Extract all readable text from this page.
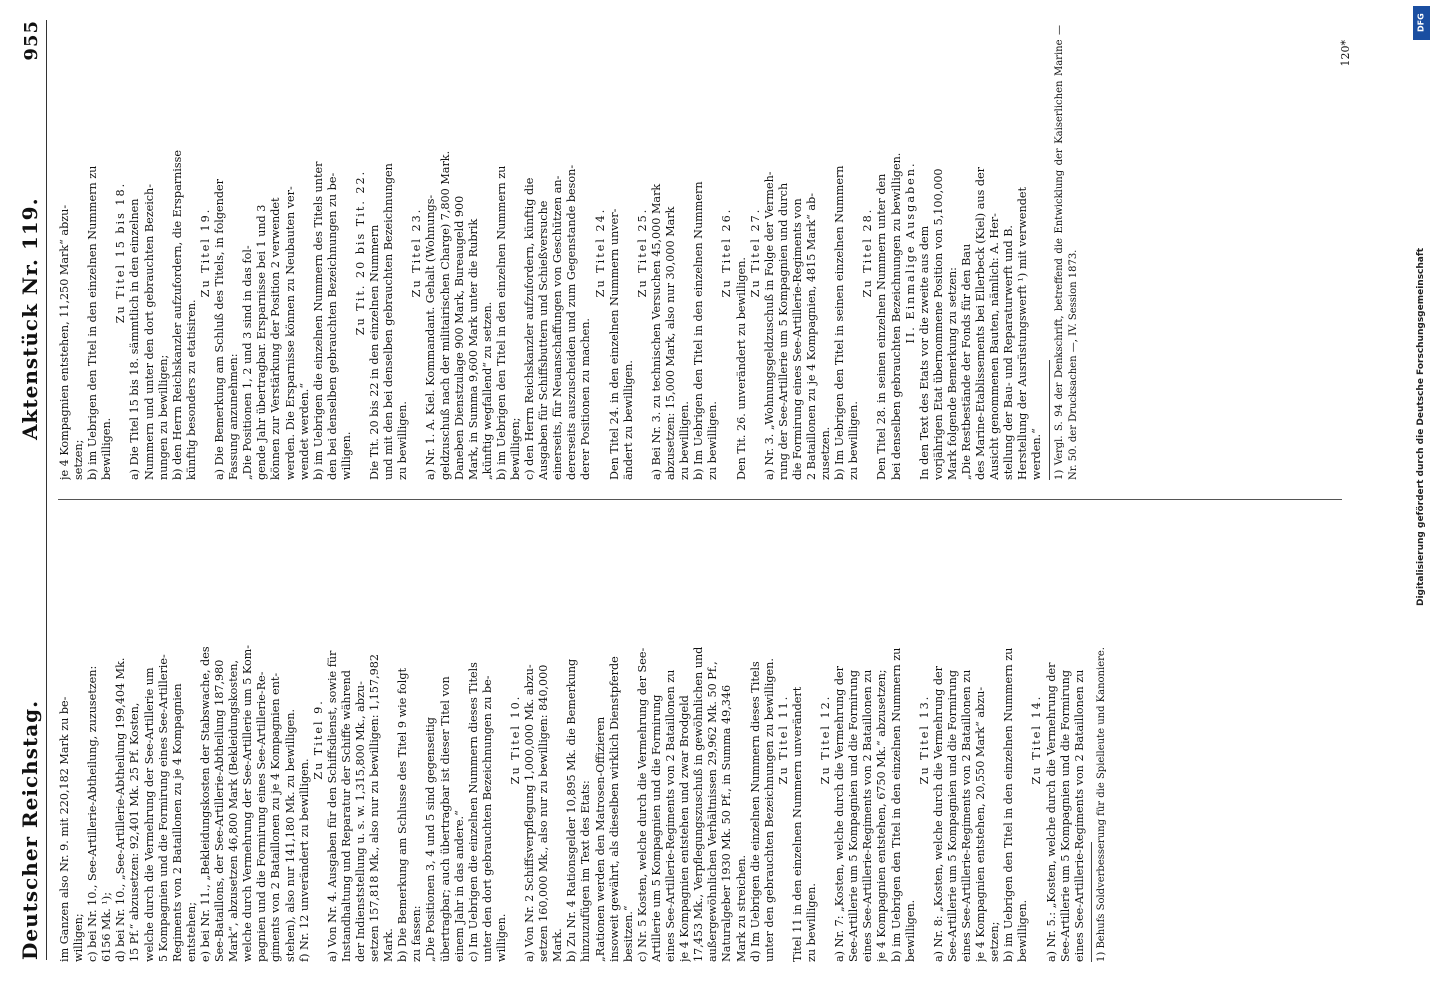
DFG
Digitalisierung gefördert durch die Deutsche Forschungsgemeinschaft
Deutscher Reichstag.
Aktenstück Nr. 119.
955
im Ganzen also Nr. 9. mit 220,182 Mark zu be- willigen; c) bei Nr. 10., See-Artillerie-Abtheilung, zuzusetzen: 6156 Mk. ¹); d) bei Nr. 10., „See-Artillerie-Abtheilung 199,404 Mk. 15 Pf.“ abzusetzen: 92,401 Mk. 25 Pf. Kosten, welche durch die Vermehrung der See-Artillerie um 5 Kompagnien und die Formirung eines See-Artillerie- Regiments von 2 Bataillonen zu je 4 Kompagnien entstehen; e) bei Nr. 11., „Bekleidungskosten der Stabswache, des See-Bataillons, der See-Artillerie-Abtheilung 187,980 Mark“, abzusetzen 46,800 Mark (Bekleidungskosten, welche durch Vermehrung der See-Artillerie um 5 Kom- pagnien und die Formirung eines See-Artillerie-Re- giments von 2 Bataillonen zu je 4 Kompagnien ent- stehen), also nur 141,180 Mk. zu bewilligen. f) Nr. 12 unverändert zu bewilligen.
Zu Titel 9. a) Von Nr. 4. Ausgaben für den Schiffsdienst, sowie für Instandhaltung und Reparatur der Schiffe während der Indienststellung u. s. w. 1,315,800 Mk., abzu- setzen 157,818 Mk., also nur zu bewilligen: 1,157,982 Mark. b) Die Bemerkung am Schlusse des Titel 9 wie folgt zu fassen: „Die Positionen 3, 4 und 5 sind gegenseitig übertragbar; auch übertragbar ist dieser Titel von einem Jahr in das andere.“ c) Im Uebrigen die einzelnen Nummern dieses Titels unter den dort gebrauchten Bezeichnungen zu be- willigen.
Zu Titel 10. a) Von Nr. 2 Schiffsverpflegung 1,000,000 Mk. abzu- setzen 160,000 Mk., also nur zu bewilligen: 840,000 Mark. b) Zu Nr. 4 Rationsgelder 10,895 Mk. die Bemerkung hinzuzufügen im Text des Etats: „Rationen werden den Matrosen-Offizieren insoweit gewährt, als dieselben wirklich Dienstpferde besitzen.“ c) Nr. 5 Kosten, welche durch die Vermehrung der See- Artillerie um 5 Kompagnien und die Formirung eines See-Artillerie-Regiments von 2 Bataillonen zu je 4 Kompagnien entstehen und zwar Brodgeld 17,453 Mk., Verpflegungszuschuß in gewöhnlichen und außergewöhnlichen Verhältnissen 29,962 Mk. 50 Pf., Naturalgeber 1930 Mk. 50 Pf., in Summa 49,346 Mark zu streichen. d) Im Uebrigen die einzelnen Nummern dieses Titels unter den gebrauchten Bezeichnungen zu bewilligen. Zu Titel 11. Titel 11 in den einzelnen Nummern unverändert zu bewilligen.
Zu Titel 12. a) Nr. 7: „Kosten, welche durch die Vermehrung der See-Artillerie um 5 Kompagnien und die Formirung eines See-Artillerie-Regiments von 2 Bataillonen zu je 4 Kompagnien entstehen, 6750 Mk.“ abzusetzen; b) im Uebrigen den Titel in den einzelnen Nummern zu bewilligen.
Zu Titel 13. a) Nr. 8: „Kosten, welche durch die Vermehrung der See-Artillerie um 5 Kompagnien und die Formirung eines See-Artillerie-Regiments von 2 Bataillonen zu je 4 Kompagnien entstehen, 20,550 Mark“ abzu- setzen; b) im Uebrigen den Titel in den einzelnen Nummern zu bewilligen.
Zu Titel 14. a) Nr. 5.: „Kosten, welche durch die Vermehrung der See-Artillerie um 5 Kompagnien und die Formirung eines See-Artillerie-Regiments von 2 Bataillonen zu 1) Behufs Soldverbesserung für die Spielleute und Kanoniere.
je 4 Kompagnien entstehen, 11,250 Mark“ abzu- setzen; b) im Uebrigen den Titel in den einzelnen Nummern zu bewilligen.
Zu Titel 15 bis 18. a) Die Titel 15 bis 18. sämmtlich in den einzelnen Nummern und unter den dort gebrauchten Bezeich- nungen zu bewilligen; b) den Herrn Reichskanzler aufzufordern, die Ersparnisse künftig besonders zu etatisiren.
Zu Titel 19. a) Die Bemerkung am Schluß des Titels, in folgender Fassung anzunehmen: „Die Positionen 1, 2 und 3 sind in das fol- gende Jahr übertragbar. Ersparnisse bei 1 und 3 können zur Verstärkung der Position 2 verwendet werden. Die Ersparnisse können zu Neubauten ver- wendet werden.“ b) im Uebrigen die einzelnen Nummern des Titels unter den bei denselben gebrauchten Bezeichnungen zu be- willigen.
Zu Tit. 20 bis Tit. 22. Die Tit. 20 bis 22 in den einzelnen Nummern und mit den bei denselben gebrauchten Bezeichnungen zu bewilligen.
Zu Titel 23. a) Nr. 1. A. Kiel. Kommandant. Gehalt (Wohnungs- geldzuschuß nach der militairischen Charge) 7,800 Mark. Daneben Dienstzulage 900 Mark, Bureaugeld 900 Mark, in Summa 9,600 Mark unter die Rubrik „künftig wegfallend“ zu setzen. b) im Uebrigen den Titel in den einzelnen Nummern zu bewilligen; c) den Herrn Reichskanzler aufzufordern, künftig die Ausgaben für Schiffsbuttern und Schießversuche einerseits, für Neuanschaffungen von Geschützen an- dererseits auszuscheiden und zum Gegenstande beson- derer Positionen zu machen.
Zu Titel 24. Den Titel 24. in den einzelnen Nummern unver- ändert zu bewilligen.
Zu Titel 25. a) Bei Nr. 3. zu technischen Versuchen 45,000 Mark abzusetzen: 15,000 Mark, also nur 30,000 Mark zu bewilligen. b) Im Uebrigen den Titel in den einzelnen Nummern zu bewilligen.
Zu Titel 26.
Den Tit. 26. unverändert zu bewilligen.
Zu Titel 27. a) Nr. 3. „Wohnungsgeldzuschuß in Folge der Vermeh- rung der See-Artillerie um 5 Kompagnien und durch die Formirung eines See-Artillerie-Regiments von 2 Bataillonen zu je 4 Kompagnien, 4815 Mark“ ab- zusetzen. b) Im Uebrigen den Titel in seinen einzelnen Nummern zu bewilligen.
Zu Titel 28. Den Titel 28. in seinen einzelnen Nummern unter den bei denselben gebrauchten Bezeichnungen zu bewilligen. II. Einmalige Ausgaben. In den Text des Etats vor die zweite aus dem vorjährigen Etat übernommene Position von 5,100,000 Mark folgende Bemerkung zu setzen: „Die Restbestände der Fonds für den Bau des Marine-Etablissements bei Ellerbeck (Kiel) aus der Ausicht genommenen Bauten, nämlich: A. Her- stellung der Bau- und Reparaturwerft und B. Herstellung der Ausrüstungswerft ¹) mit verwendet werden.“ 1) Vergl. S. 94 der Denkschrift, betreffend die Entwicklung der Kaiserlichen Marine — Nr. 50. der Drucksachen —, IV. Session 1873.
120*
